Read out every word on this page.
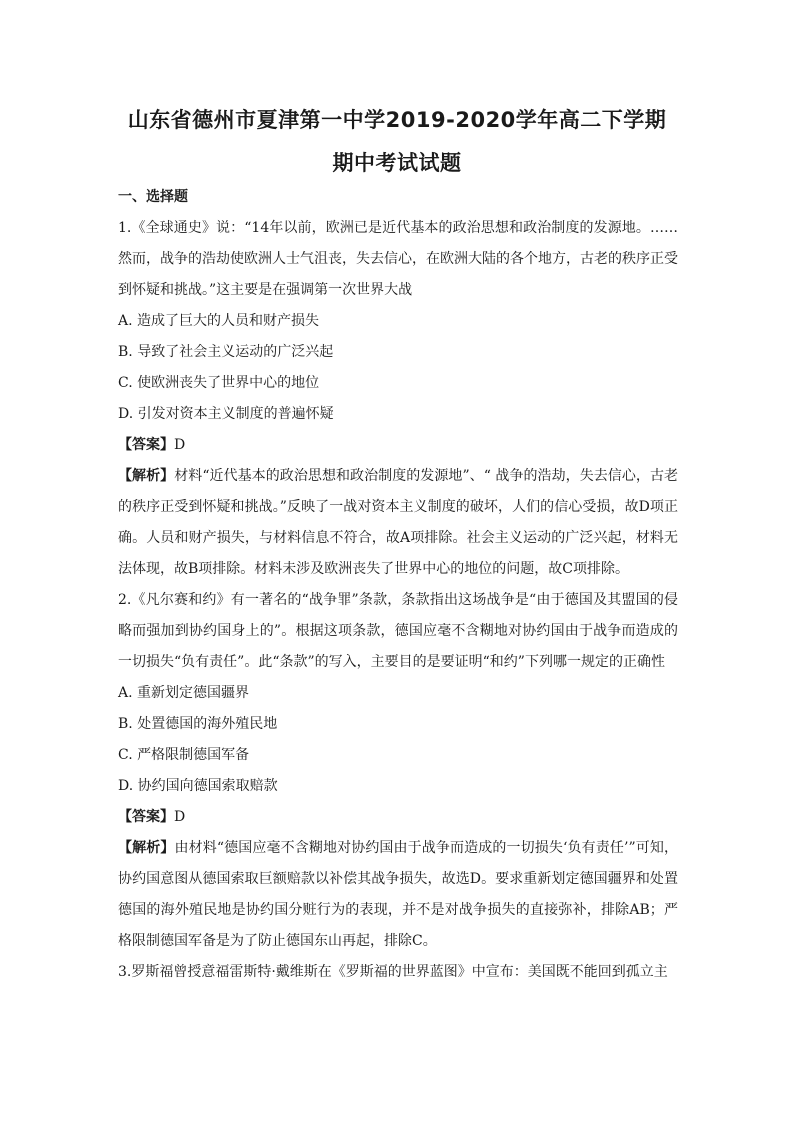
山东省德州市夏津第一中学2019-2020学年高二下学期
期中考试试题
一、选择题

1.《全球通史》说：“14年以前，欧洲已是近代基本的政治思想和政治制度的发源地。……然而，战争的浩劫使欧洲人士气沮丧，失去信心，在欧洲大陆的各个地方，古老的秩序正受到怀疑和挑战。”这主要是在强调第一次世界大战

A. 造成了巨大的人员和财产损失

B. 导致了社会主义运动的广泛兴起

C. 使欧洲丧失了世界中心的地位

D. 引发对资本主义制度的普遍怀疑

【答案】D

【解析】材料“近代基本的政治思想和政治制度的发源地”、“ 战争的浩劫，失去信心，古老的秩序正受到怀疑和挑战。”反映了一战对资本主义制度的破坏，人们的信心受损，故D项正确。人员和财产损失，与材料信息不符合，故A项排除。社会主义运动的广泛兴起，材料无法体现，故B项排除。材料未涉及欧洲丧失了世界中心的地位的问题，故C项排除。

2.《凡尔赛和约》有一著名的“战争罪”条款，条款指出这场战争是“由于德国及其盟国的侵略而强加到协约国身上的”。根据这项条款，德国应毫不含糊地对协约国由于战争而造成的一切损失“负有责任”。此“条款”的写入，主要目的是要证明“和约”下列哪一规定的正确性

A. 重新划定德国疆界

B. 处置德国的海外殖民地

C. 严格限制德国军备

D. 协约国向德国索取赔款

【答案】D

【解析】由材料“德国应毫不含糊地对协约国由于战争而造成的一切损失‘负有责任’”可知，协约国意图从德国索取巨额赔款以补偿其战争损失，故选D。要求重新划定德国疆界和处置德国的海外殖民地是协约国分赃行为的表现，并不是对战争损失的直接弥补，排除AB；严格限制德国军备是为了防止德国东山再起，排除C。

3.罗斯福曾授意福雷斯特·戴维斯在《罗斯福的世界蓝图》中宣布：美国既不能回到孤立主
